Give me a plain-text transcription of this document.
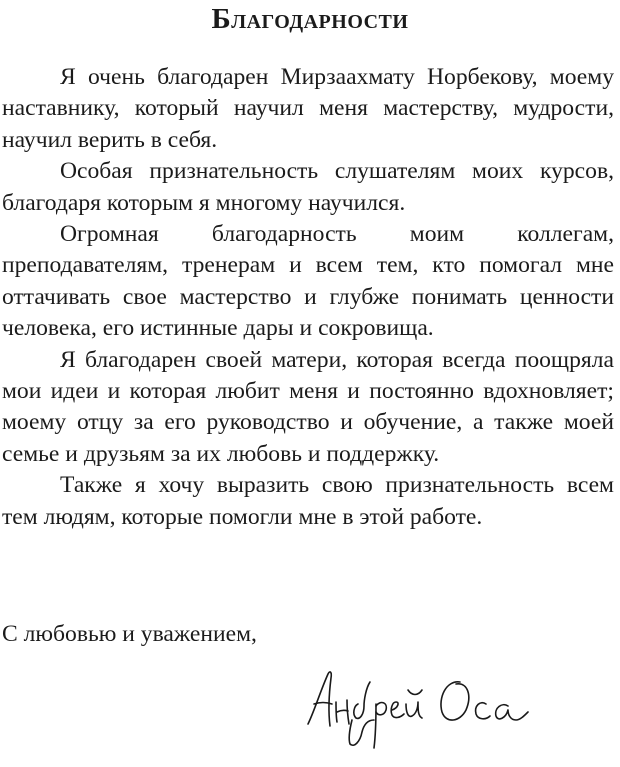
Благодарности

Я очень благодарен Мирзаахмату Норбекову, моему наставнику, который научил меня мастерству, мудрости, научил верить в себя.

Особая признательность слушателям моих курсов, благодаря которым я многому научился.

Огромная благодарность моим коллегам, преподавателям, тренерам и всем тем, кто помогал мне оттачивать свое мастерство и глубже понимать ценности человека, его истинные дары и сокровища.

Я благодарен своей матери, которая всегда поощряла мои идеи и которая любит меня и постоянно вдохновляет; моему отцу за его руководство и обучение, а также моей семье и друзьям за их любовь и поддержку.

Также я хочу выразить свою признательность всем тем людям, которые помогли мне в этой работе.

С любовью и уважением,
